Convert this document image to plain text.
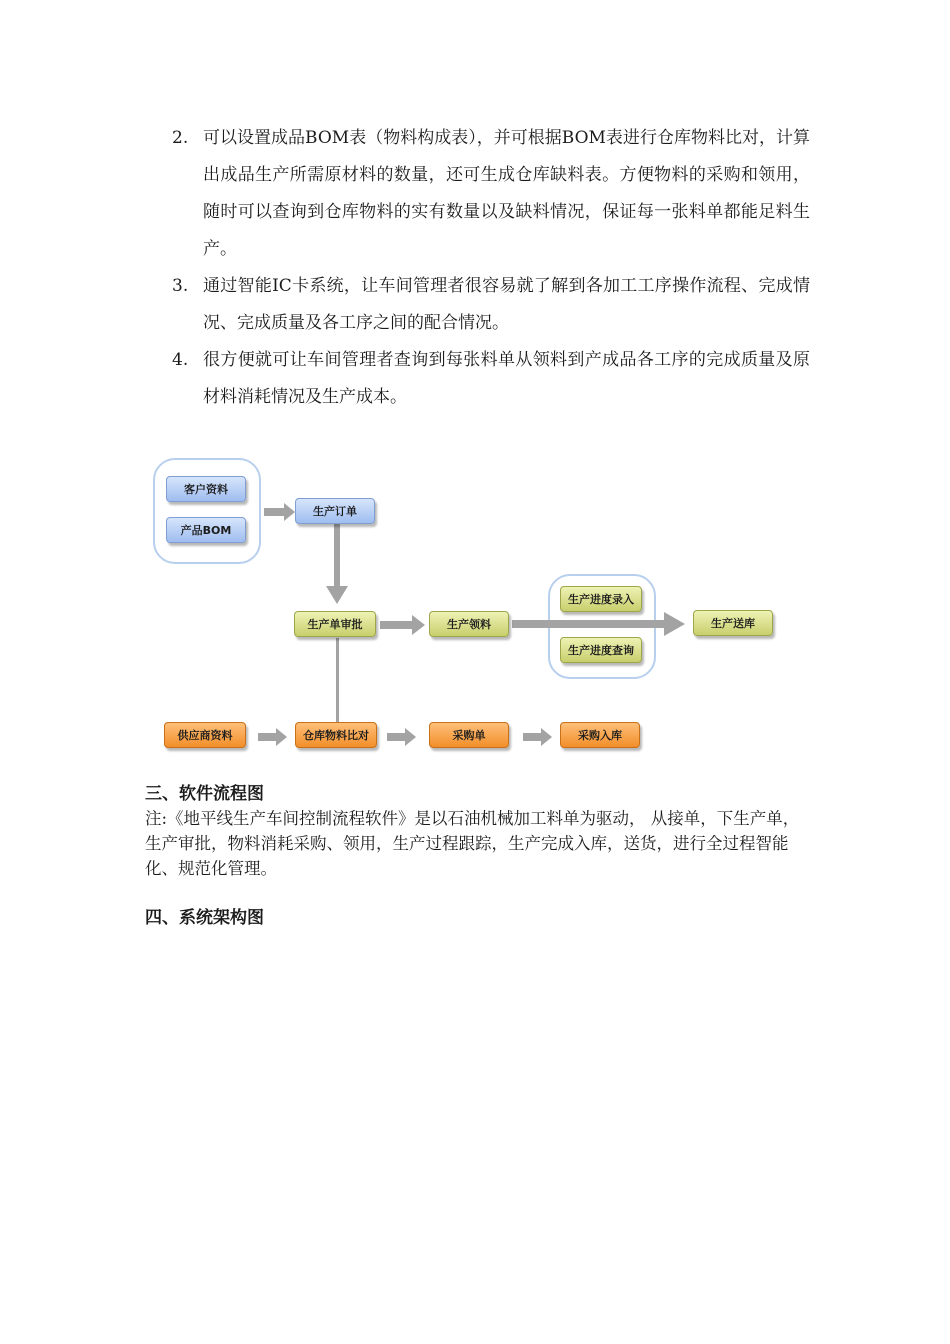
2. 可以设置成品BOM表（物料构成表），并可根据BOM表进行仓库物料比对，计算出成品生产所需原材料的数量，还可生成仓库缺料表。方便物料的采购和领用，随时可以查询到仓库物料的实有数量以及缺料情况，保证每一张料单都能足料生产。
3. 通过智能IC卡系统，让车间管理者很容易就了解到各加工工序操作流程、完成情况、完成质量及各工序之间的配合情况。
4. 很方便就可让车间管理者查询到每张料单从领料到产成品各工序的完成质量及原材料消耗情况及生产成本。
客户资料
产品BOM
生产订单
生产单审批	生产领料
生产进度录入
生产进度查询
生产送库
供应商资料	仓库物料比对	采购单	采购入库
三、软件流程图
注:《地平线生产车间控制流程软件》是以石油机械加工料单为驱动， 从接单，下生产单，生产审批，物料消耗采购、领用，生产过程跟踪，生产完成入库，送货，进行全过程智能化、规范化管理。
四、系统架构图
